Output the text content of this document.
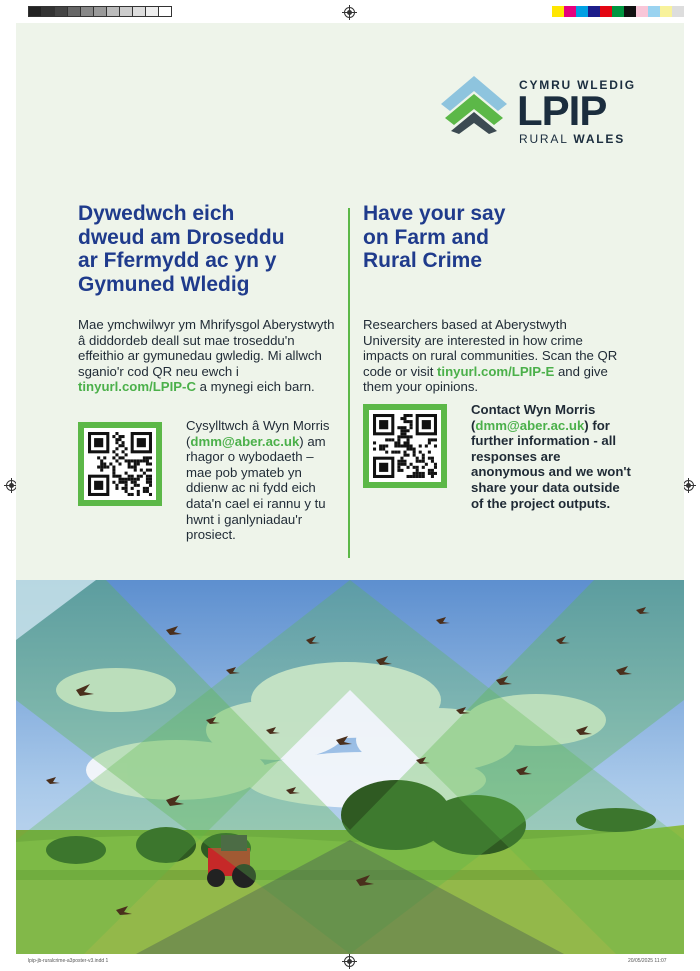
CYMRU WLEDIG
LPIP
RURAL WALES
Dywedwch eich
dweud am Droseddu
ar Ffermydd ac yn y
Gymuned Wledig
Mae ymchwilwyr ym Mhrifysgol Aberystwyth â diddordeb deall sut mae troseddu'n effeithio ar gymunedau gwledig. Mi allwch sganio'r cod QR neu ewch i tinyurl.com/LPIP-C a mynegi eich barn.
Cysylltwch â Wyn Morris (dmm@aber.ac.uk) am rhagor o wybodaeth – mae pob ymateb yn ddienw ac ni fydd eich data'n cael ei rannu y tu hwnt i ganlyniadau'r prosiect.
Have your say
on Farm and
Rural Crime
Researchers based at Aberystwyth University are interested in how crime impacts on rural communities. Scan the QR code or visit tinyurl.com/LPIP-E and give them your opinions.
Contact Wyn Morris (dmm@aber.ac.uk) for further information - all responses are anonymous and we won't share your data outside of the project outputs.
lpip-jb-ruralcrime-a3poster-v3.indd 1	20/05/2025 11:07
